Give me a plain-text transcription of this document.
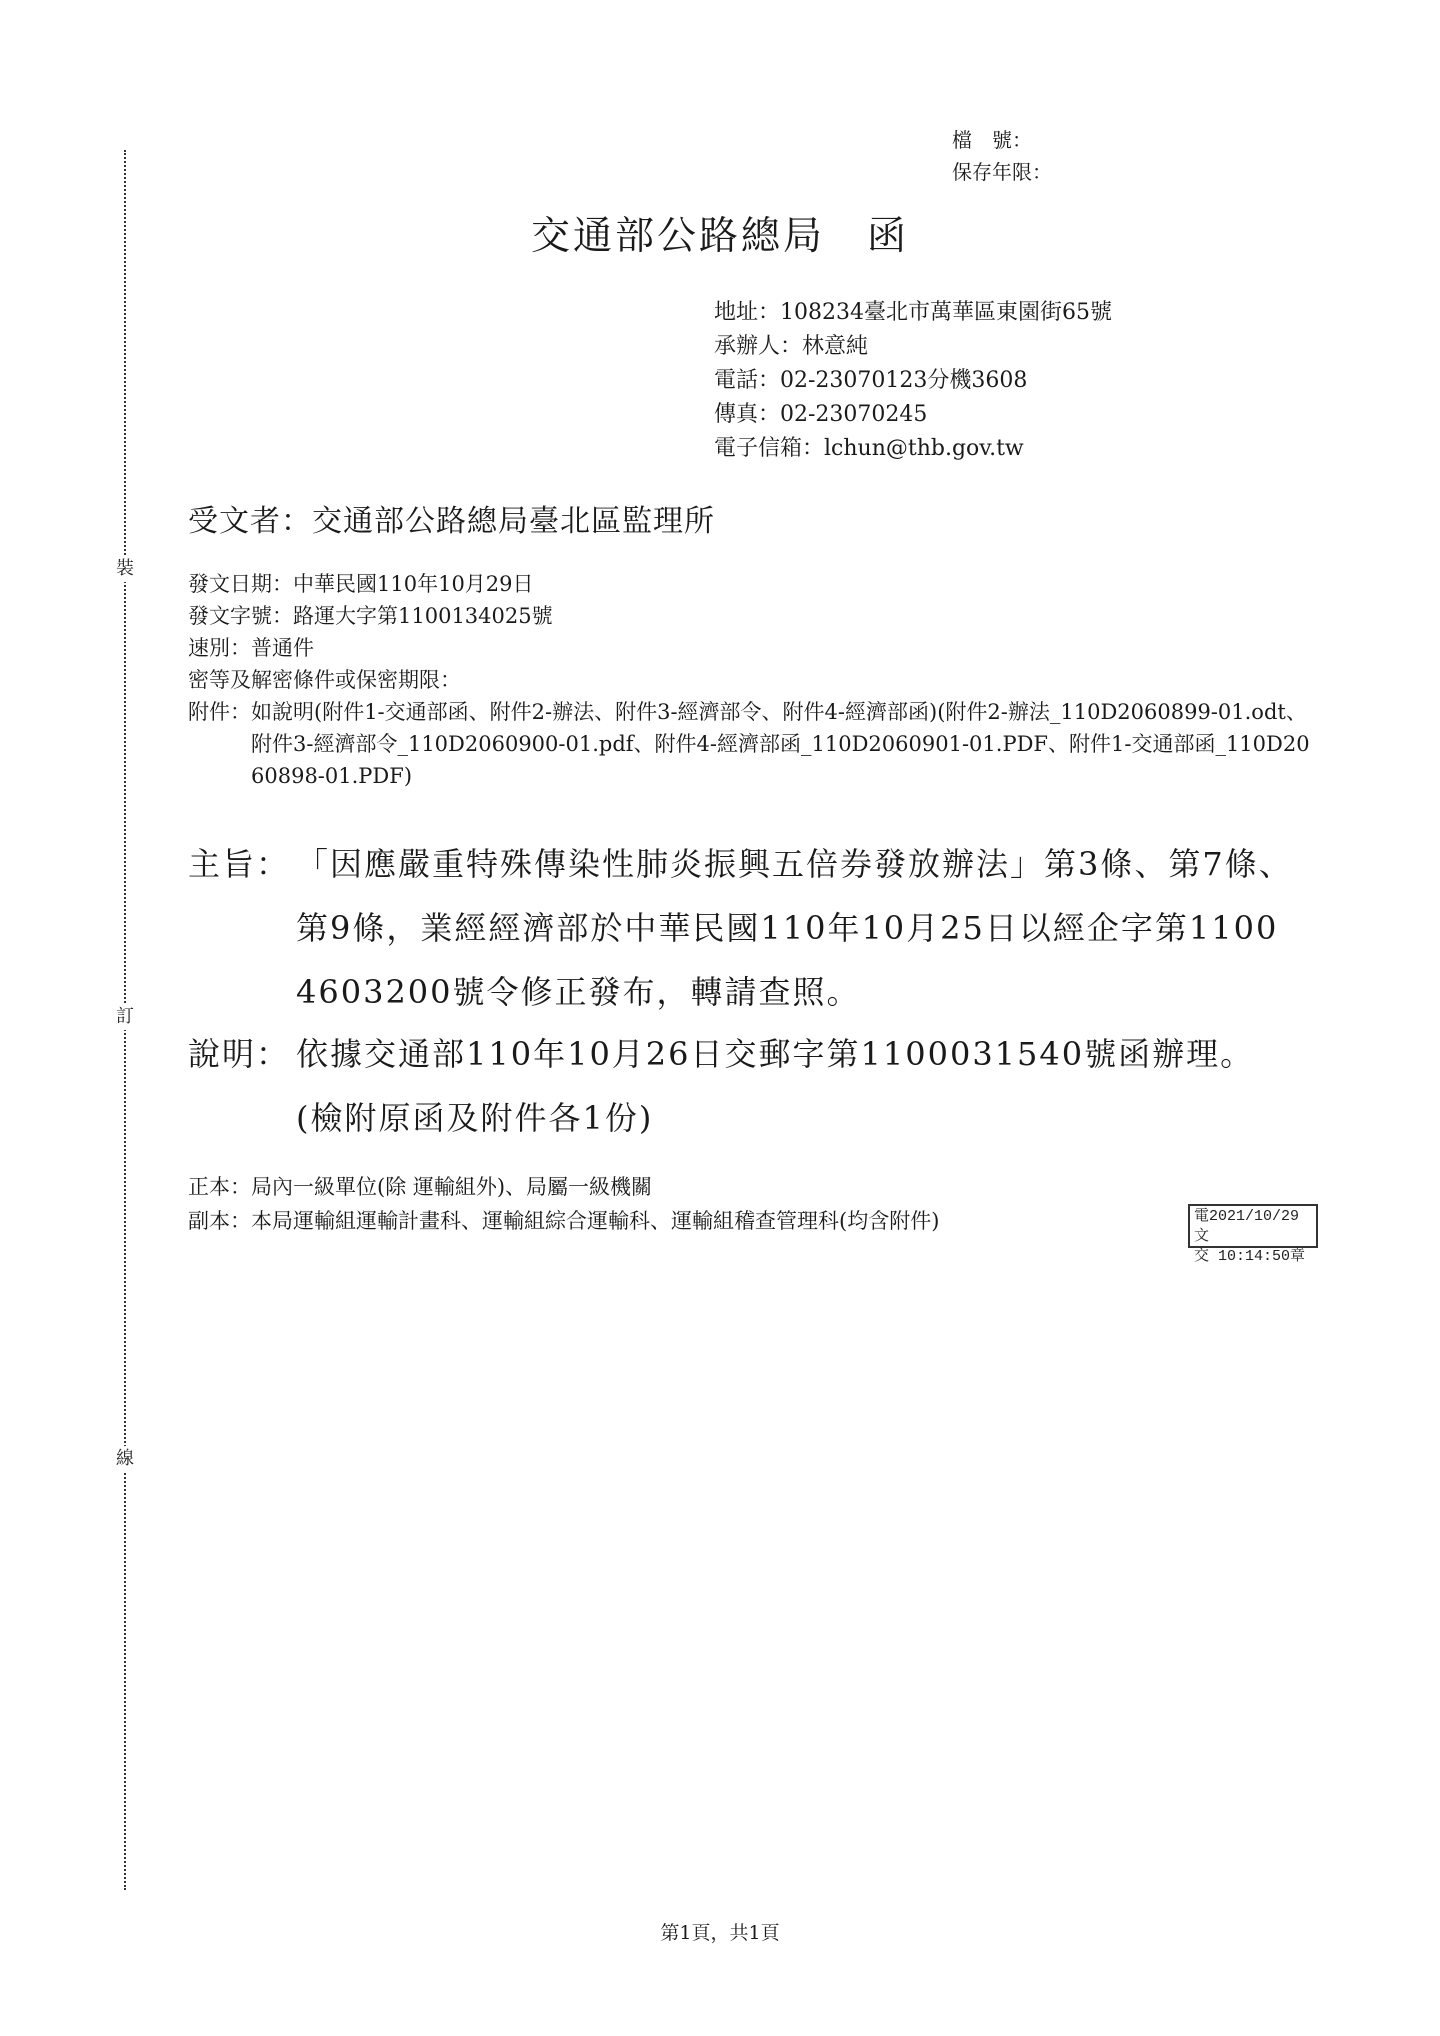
裝
訂
線
檔　號：
保存年限：
交通部公路總局　函
地址：108234臺北市萬華區東園街65號
承辦人：林意純
電話：02-23070123分機3608
傳真：02-23070245
電子信箱：lchun@thb.gov.tw
受文者：交通部公路總局臺北區監理所
發文日期：中華民國110年10月29日
發文字號：路運大字第1100134025號
速別：普通件
密等及解密條件或保密期限：
附件： 如說明(附件1-交通部函、附件2-辦法、附件3-經濟部令、附件4-經濟部函)(附件2-辦法_110D2060899-01.odt、附件3-經濟部令_110D2060900-01.pdf、附件4-經濟部函_110D2060901-01.PDF、附件1-交通部函_110D2060898-01.PDF)
主旨： 「因應嚴重特殊傳染性肺炎振興五倍券發放辦法」第3條、第7條、第9條，業經經濟部於中華民國110年10月25日以經企字第11004603200號令修正發布，轉請查照。
說明： 依據交通部110年10月26日交郵字第1100031540號函辦理。(檢附原函及附件各1份)
正本：局內一級單位(除 運輸組外)、局屬一級機關
副本：本局運輸組運輸計畫科、運輸組綜合運輸科、運輸組稽查管理科(均含附件)	電2021/10/29文
交 10:14:50章
第1頁，共1頁
